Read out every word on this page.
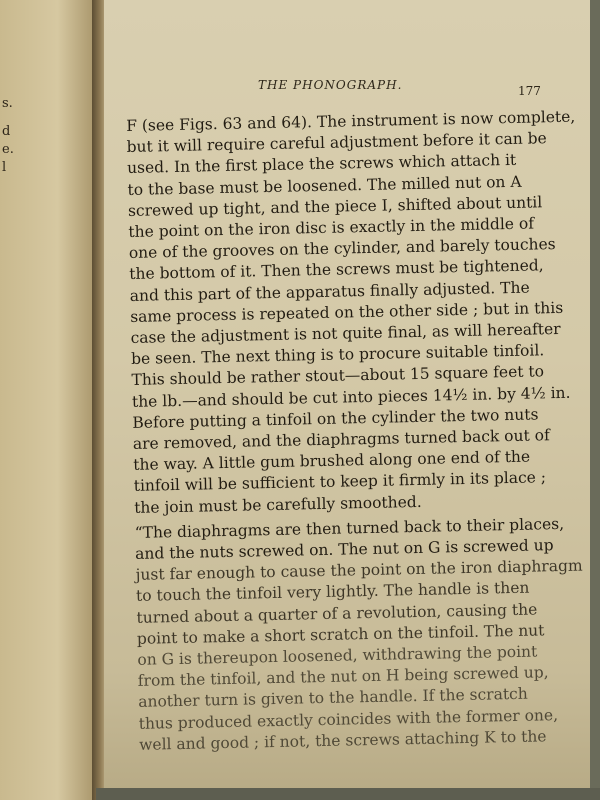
s.
d
e.
l
THE PHONOGRAPH.	177
F (see Figs. 63 and 64). The instrument is now complete,
but it will require careful adjustment before it can be
used. In the first place the screws which attach it
to the base must be loosened. The milled nut on A
screwed up tight, and the piece I, shifted about until
the point on the iron disc is exactly in the middle of
one of the grooves on the cylinder, and barely touches
the bottom of it. Then the screws must be tightened,
and this part of the apparatus finally adjusted. The
same process is repeated on the other side ; but in this
case the adjustment is not quite final, as will hereafter
be seen. The next thing is to procure suitable tinfoil.
This should be rather stout—about 15 square feet to
the lb.—and should be cut into pieces 14½ in. by 4½ in.
Before putting a tinfoil on the cylinder the two nuts
are removed, and the diaphragms turned back out of
the way. A little gum brushed along one end of the
tinfoil will be sufficient to keep it firmly in its place ;
the join must be carefully smoothed.
“The diaphragms are then turned back to their places,
and the nuts screwed on. The nut on G is screwed up
just far enough to cause the point on the iron diaphragm
to touch the tinfoil very lightly. The handle is then
turned about a quarter of a revolution, causing the
point to make a short scratch on the tinfoil. The nut
on G is thereupon loosened, withdrawing the point
from the tinfoil, and the nut on H being screwed up,
another turn is given to the handle. If the scratch
thus produced exactly coincides with the former one,
well and good ; if not, the screws attaching K to the
